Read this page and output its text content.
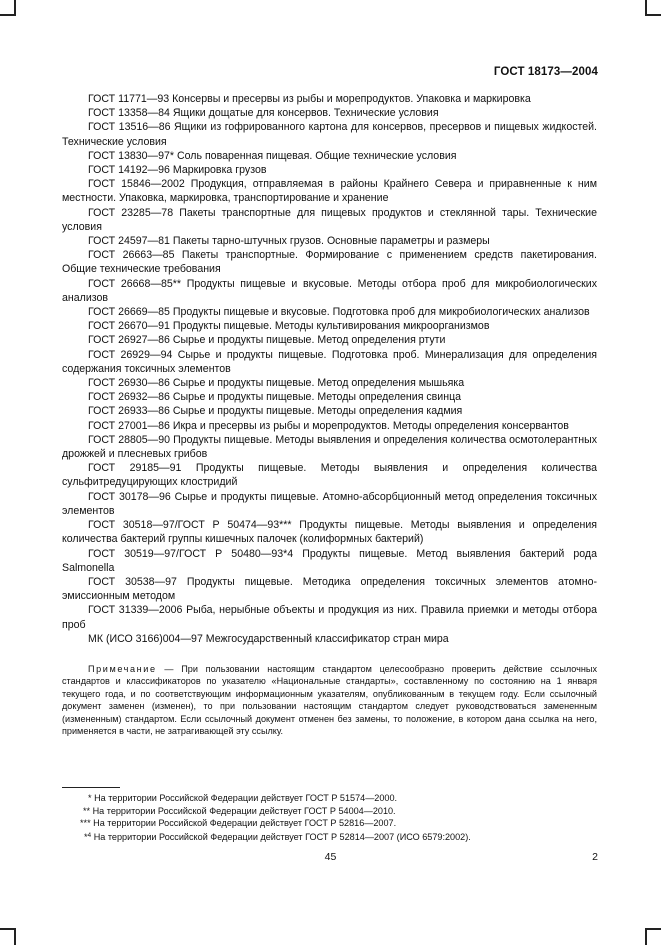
ГОСТ 18173—2004

ГОСТ 11771—93 Консервы и пресервы из рыбы и морепродуктов. Упаковка и маркировка

ГОСТ 13358—84 Ящики дощатые для консервов. Технические условия

ГОСТ 13516—86 Ящики из гофрированного картона для консервов, пресервов и пищевых жидкостей. Технические условия

ГОСТ 13830—97* Соль поваренная пищевая. Общие технические условия

ГОСТ 14192—96 Маркировка грузов

ГОСТ 15846—2002 Продукция, отправляемая в районы Крайнего Севера и приравненные к ним местности. Упаковка, маркировка, транспортирование и хранение

ГОСТ 23285—78 Пакеты транспортные для пищевых продуктов и стеклянной тары. Технические условия

ГОСТ 24597—81 Пакеты тарно-штучных грузов. Основные параметры и размеры

ГОСТ 26663—85 Пакеты транспортные. Формирование с применением средств пакетирования. Общие технические требования

ГОСТ 26668—85** Продукты пищевые и вкусовые. Методы отбора проб для микробиологических анализов

ГОСТ 26669—85 Продукты пищевые и вкусовые. Подготовка проб для микробиологических анализов

ГОСТ 26670—91 Продукты пищевые. Методы культивирования микроорганизмов

ГОСТ 26927—86 Сырье и продукты пищевые. Метод определения ртути

ГОСТ 26929—94 Сырье и продукты пищевые. Подготовка проб. Минерализация для определения содержания токсичных элементов

ГОСТ 26930—86 Сырье и продукты пищевые. Метод определения мышьяка

ГОСТ 26932—86 Сырье и продукты пищевые. Методы определения свинца

ГОСТ 26933—86 Сырье и продукты пищевые. Методы определения кадмия

ГОСТ 27001—86 Икра и пресервы из рыбы и морепродуктов. Методы определения консервантов

ГОСТ 28805—90 Продукты пищевые. Методы выявления и определения количества осмотолерантных дрожжей и плесневых грибов

ГОСТ 29185—91 Продукты пищевые. Методы выявления и определения количества сульфитредуцирующих клостридий

ГОСТ 30178—96 Сырье и продукты пищевые. Атомно-абсорбционный метод определения токсичных элементов

ГОСТ 30518—97/ГОСТ Р 50474—93*** Продукты пищевые. Методы выявления и определения количества бактерий группы кишечных палочек (колиформных бактерий)

ГОСТ 30519—97/ГОСТ Р 50480—93*4 Продукты пищевые. Метод выявления бактерий рода Salmonella

ГОСТ 30538—97 Продукты пищевые. Методика определения токсичных элементов атомно-эмиссионным методом

ГОСТ 31339—2006 Рыба, нерыбные объекты и продукция из них. Правила приемки и методы отбора проб

МК (ИСО 3166)004—97 Межгосударственный классификатор стран мира

Примечание — При пользовании настоящим стандартом целесообразно проверить действие ссылочных стандартов и классификаторов по указателю «Национальные стандарты», составленному по состоянию на 1 января текущего года, и по соответствующим информационным указателям, опубликованным в текущем году. Если ссылочный документ заменен (изменен), то при пользовании настоящим стандартом следует руководствоваться замененным (измененным) стандартом. Если ссылочный документ отменен без замены, то положение, в котором дана ссылка на него, применяется в части, не затрагивающей эту ссылку.

* На территории Российской Федерации действует ГОСТ Р 51574—2000.

** На территории Российской Федерации действует ГОСТ Р 54004—2010.

*** На территории Российской Федерации действует ГОСТ Р 52816—2007.

*$^4$ На территории Российской Федерации действует ГОСТ Р 52814—2007 (ИСО 6579:2002).

45	2
